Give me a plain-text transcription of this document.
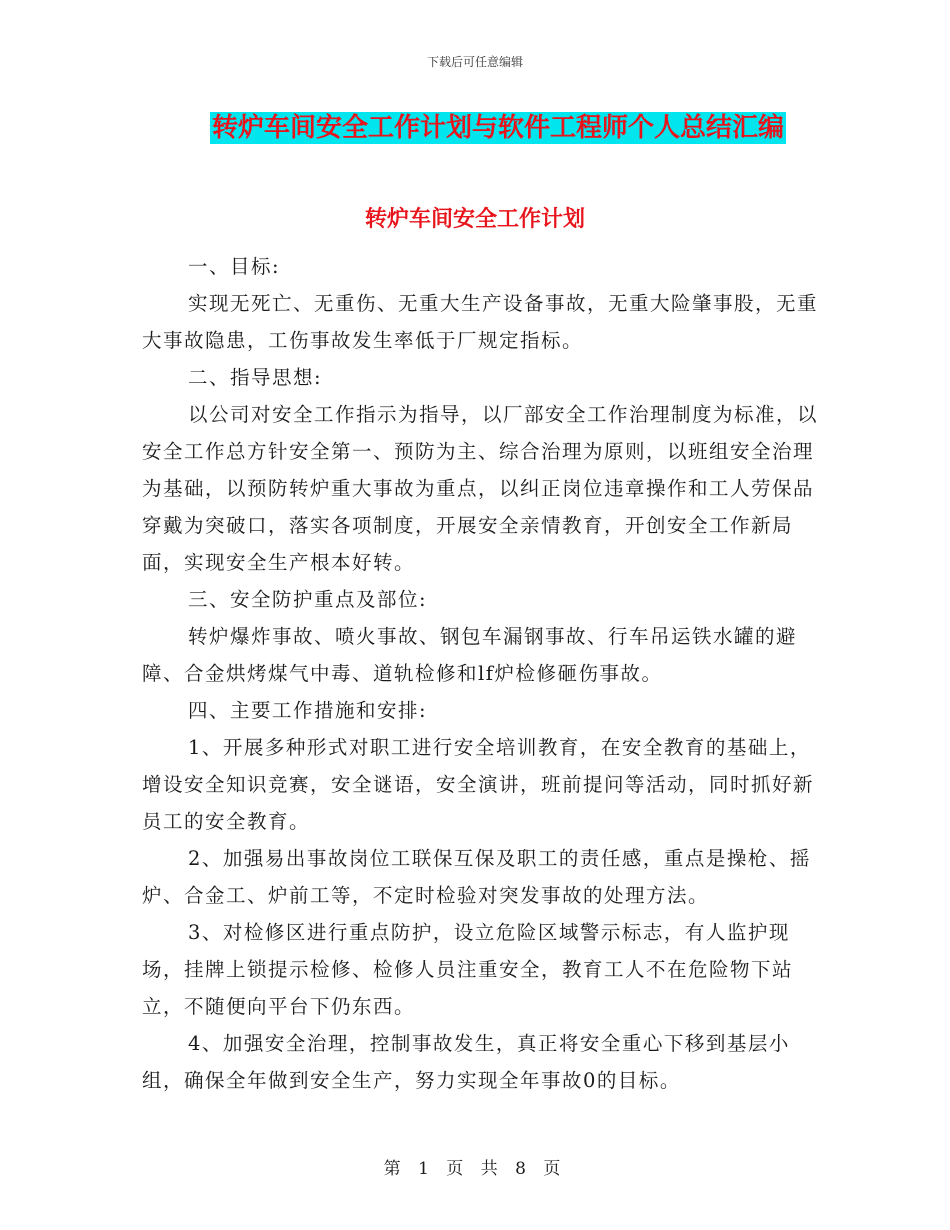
下载后可任意编辑
转炉车间安全工作计划与软件工程师个人总结汇编
转炉车间安全工作计划

一、目标:

实现无死亡、无重伤、无重大生产设备事故，无重大险肇事股，无重大事故隐患，工伤事故发生率低于厂规定指标。

二、指导思想:

以公司对安全工作指示为指导，以厂部安全工作治理制度为标准，以安全工作总方针安全第一、预防为主、综合治理为原则，以班组安全治理为基础，以预防转炉重大事故为重点，以纠正岗位违章操作和工人劳保品穿戴为突破口，落实各项制度，开展安全亲情教育，开创安全工作新局面，实现安全生产根本好转。

三、安全防护重点及部位:

转炉爆炸事故、喷火事故、钢包车漏钢事故、行车吊运铁水罐的避障、合金烘烤煤气中毒、道轨检修和lf炉检修砸伤事故。

四、主要工作措施和安排:

1、开展多种形式对职工进行安全培训教育，在安全教育的基础上，增设安全知识竞赛，安全谜语，安全演讲，班前提问等活动，同时抓好新员工的安全教育。

2、加强易出事故岗位工联保互保及职工的责任感，重点是操枪、摇炉、合金工、炉前工等，不定时检验对突发事故的处理方法。

3、对检修区进行重点防护，设立危险区域警示标志，有人监护现场，挂牌上锁提示检修、检修人员注重安全，教育工人不在危险物下站立，不随便向平台下仍东西。

4、加强安全治理，控制事故发生，真正将安全重心下移到基层小组，确保全年做到安全生产，努力实现全年事故0的目标。

第 1 页 共 8 页
